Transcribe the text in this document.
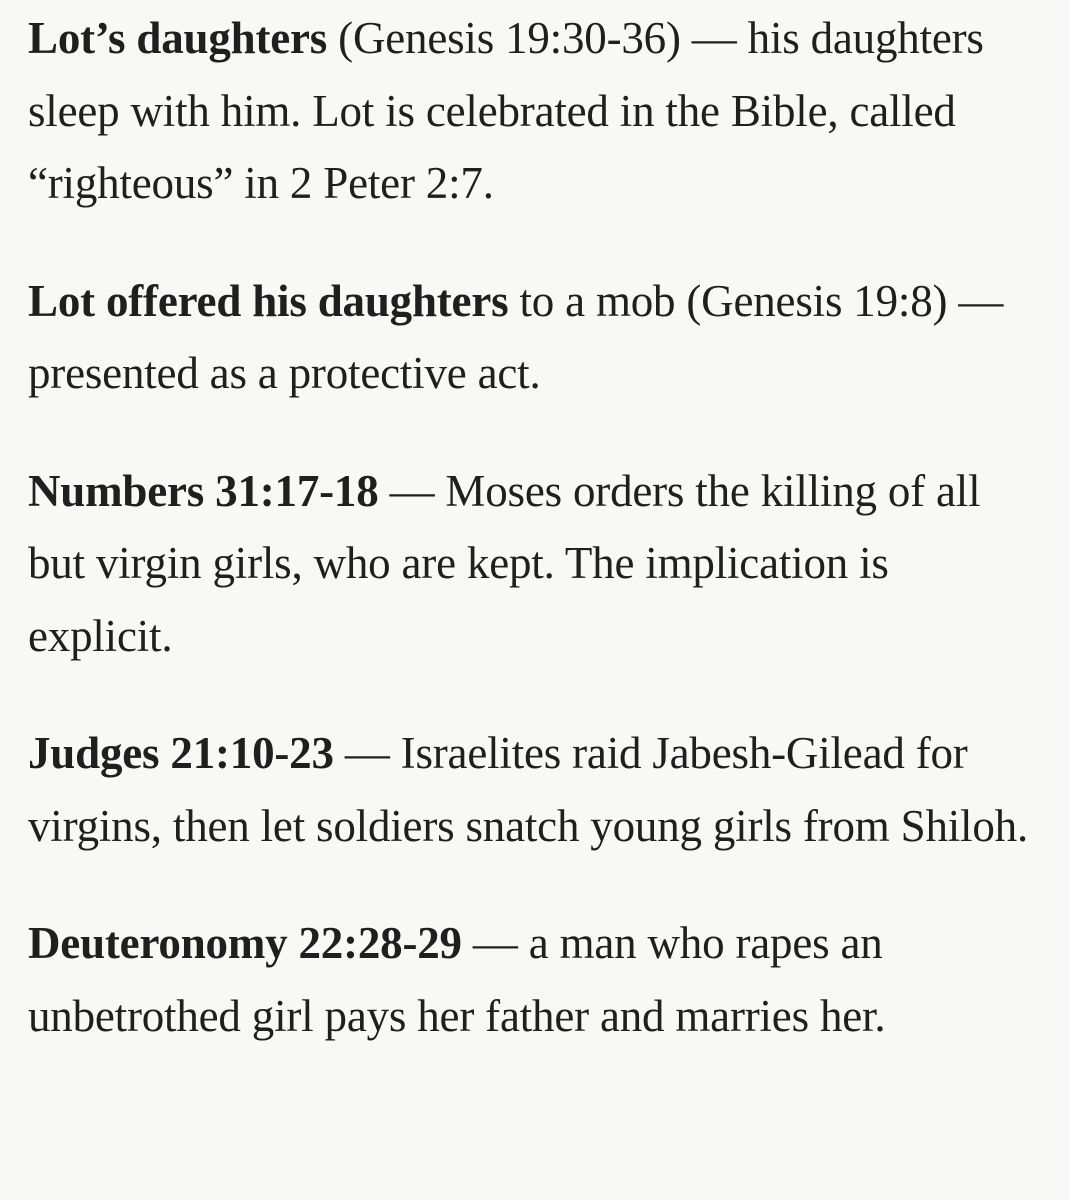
Lot’s daughters (Genesis 19:30-36) — his daughters sleep with him. Lot is celebrated in the Bible, called “righteous” in 2 Peter 2:7.

Lot offered his daughters to a mob (Genesis 19:8) — presented as a protective act.

Numbers 31:17-18 — Moses orders the killing of all but virgin girls, who are kept. The implication is explicit.

Judges 21:10-23 — Israelites raid Jabesh-Gilead for virgins, then let soldiers snatch young girls from Shiloh.

Deuteronomy 22:28-29 — a man who rapes an unbetrothed girl pays her father and marries her.
